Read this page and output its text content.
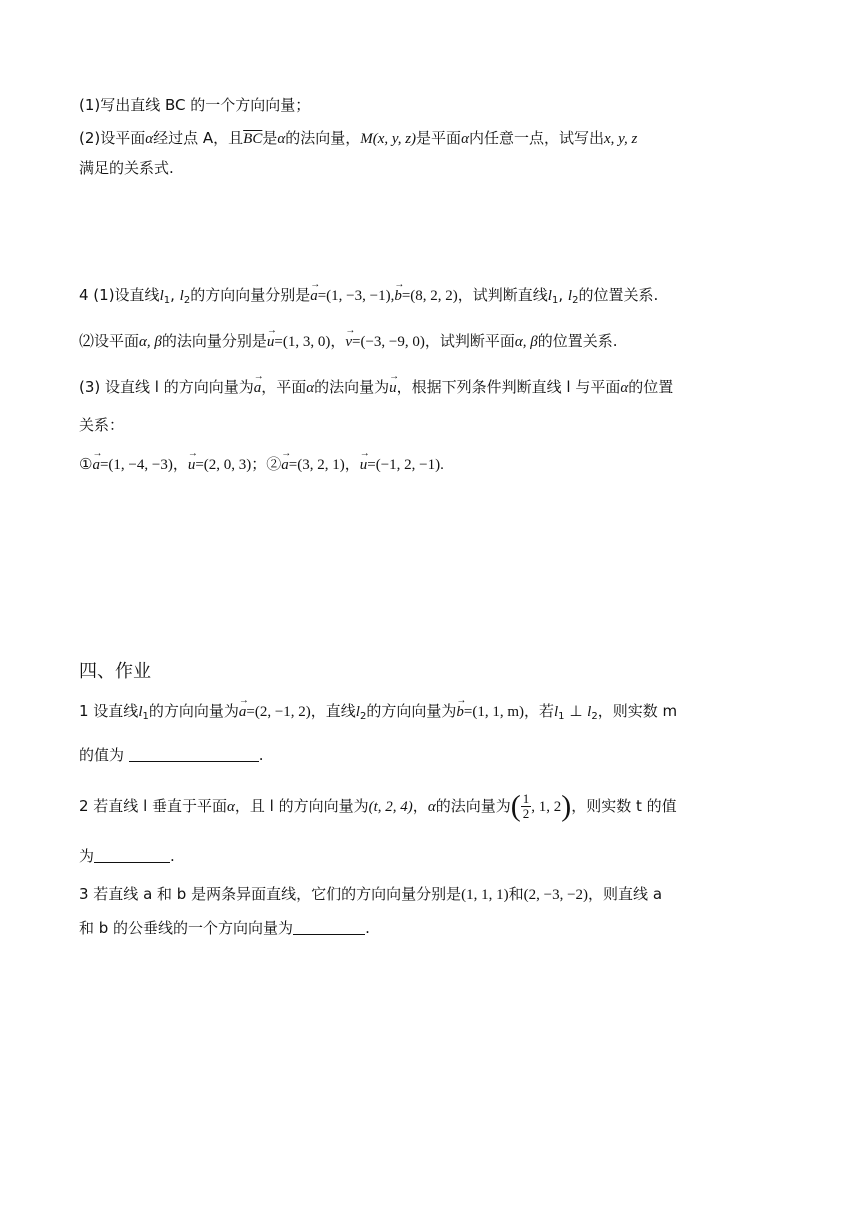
(1)写出直线 BC 的一个方向向量；
(2)设平面α经过点 A，且$\overline{BC}$是α的法向量，M(x, y, z)是平面α内任意一点，试写出x, y, z
满足的关系式.
4 (1)设直线$l_1$, $l_2$的方向向量分别是→ a=(1, −3, −1),→ b=(8, 2, 2)，试判断直线$l_1$, $l_2$的位置关系.
⑵设平面α, β的法向量分别是→ u=(1, 3, 0)，→ v=(−3, −9, 0)，试判断平面α, β的位置关系.
(3) 设直线 l 的方向向量为→ a，平面α的法向量为→ u，根据下列条件判断直线 l 与平面α的位置
关系：
①→ a=(1, −4, −3)，→ u=(2, 0, 3)；②→ a=(3, 2, 1)，→ u=(−1, 2, −1).
四、作业
1 设直线$l_1$的方向向量为→ a=(2, −1, 2)，直线$l_2$的方向向量为→ b=(1, 1, m)，若$l_1$ ⊥ $l_2$，则实数 m
的值为	.
2 若直线 l 垂直于平面α，且 l 的方向向量为(t, 2, 4)，α的法向量为( $\frac{1}{2}$ , 1, 2)，则实数 t 的值
为	.
3 若直线 a 和 b 是两条异面直线，它们的方向向量分别是(1, 1, 1)和(2, −3, −2)，则直线 a
和 b 的公垂线的一个方向向量为	.
